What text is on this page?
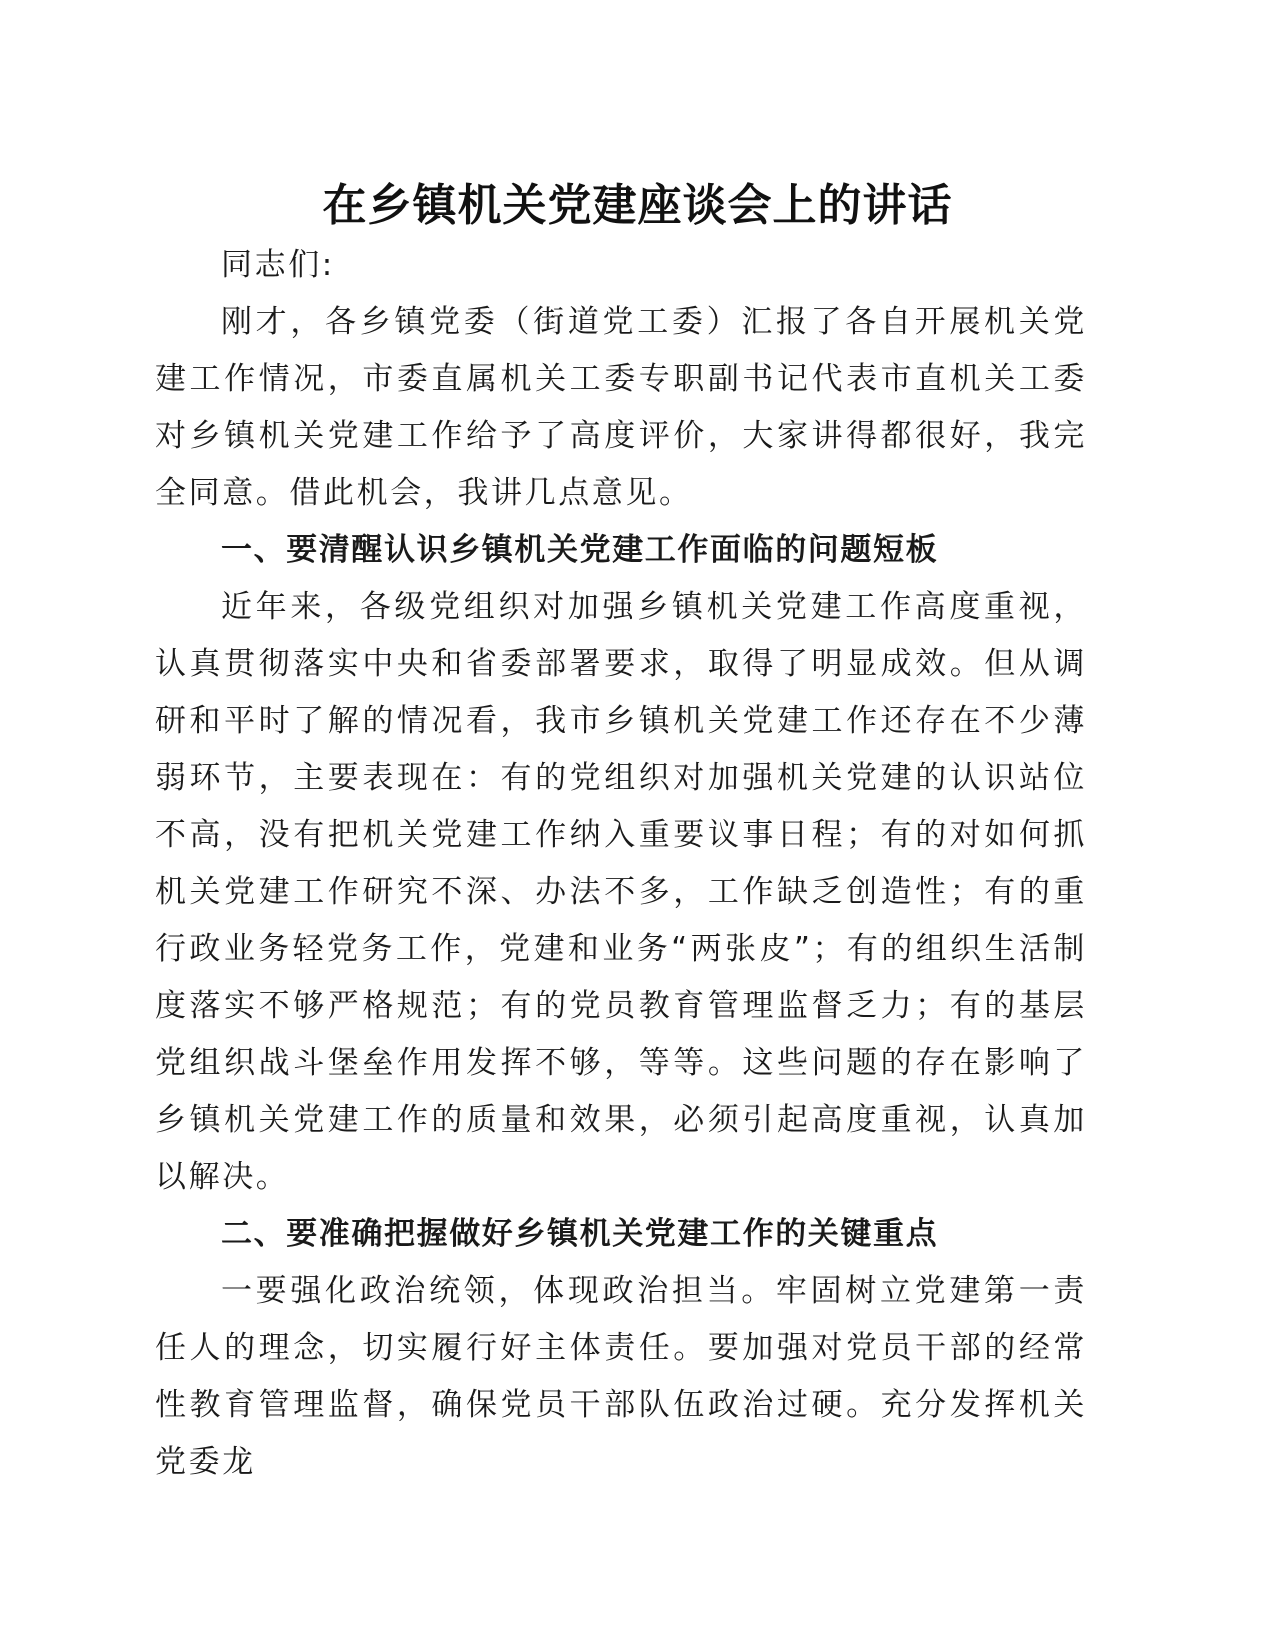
在乡镇机关党建座谈会上的讲话

同志们:

刚才，各乡镇党委（街道党工委）汇报了各自开展机关党建工作情况，市委直属机关工委专职副书记代表市直机关工委对乡镇机关党建工作给予了高度评价，大家讲得都很好，我完全同意。借此机会，我讲几点意见。

一、要清醒认识乡镇机关党建工作面临的问题短板

近年来，各级党组织对加强乡镇机关党建工作高度重视，认真贯彻落实中央和省委部署要求，取得了明显成效。但从调研和平时了解的情况看，我市乡镇机关党建工作还存在不少薄弱环节，主要表现在：有的党组织对加强机关党建的认识站位不高，没有把机关党建工作纳入重要议事日程；有的对如何抓机关党建工作研究不深、办法不多，工作缺乏创造性；有的重行政业务轻党务工作，党建和业务“两张皮”；有的组织生活制度落实不够严格规范；有的党员教育管理监督乏力；有的基层党组织战斗堡垒作用发挥不够，等等。这些问题的存在影响了乡镇机关党建工作的质量和效果，必须引起高度重视，认真加以解决。

二、要准确把握做好乡镇机关党建工作的关键重点

一要强化政治统领，体现政治担当。牢固树立党建第一责任人的理念，切实履行好主体责任。要加强对党员干部的经常性教育管理监督，确保党员干部队伍政治过硬。充分发挥机关党委龙
